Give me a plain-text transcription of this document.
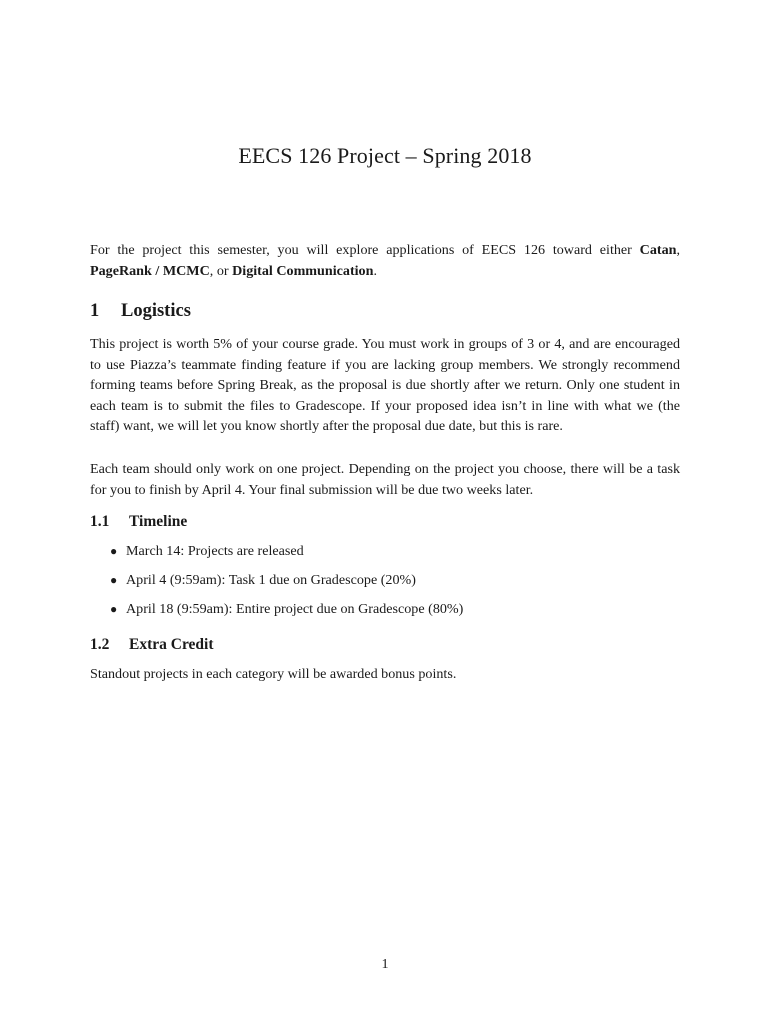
EECS 126 Project – Spring 2018

For the project this semester, you will explore applications of EECS 126 toward either Catan, PageRank / MCMC, or Digital Communication.

1 Logistics

This project is worth 5% of your course grade. You must work in groups of 3 or 4, and are encouraged to use Piazza’s teammate finding feature if you are lacking group members. We strongly recommend forming teams before Spring Break, as the proposal is due shortly after we return. Only one student in each team is to submit the files to Gradescope. If your proposed idea isn’t in line with what we (the staff) want, we will let you know shortly after the proposal due date, but this is rare.

Each team should only work on one project. Depending on the project you choose, there will be a task for you to finish by April 4. Your final submission will be due two weeks later.

1.1 Timeline
● March 14: Projects are released
● April 4 (9:59am): Task 1 due on Gradescope (20%)
● April 18 (9:59am): Entire project due on Gradescope (80%)
1.2 Extra Credit

Standout projects in each category will be awarded bonus points.

1
